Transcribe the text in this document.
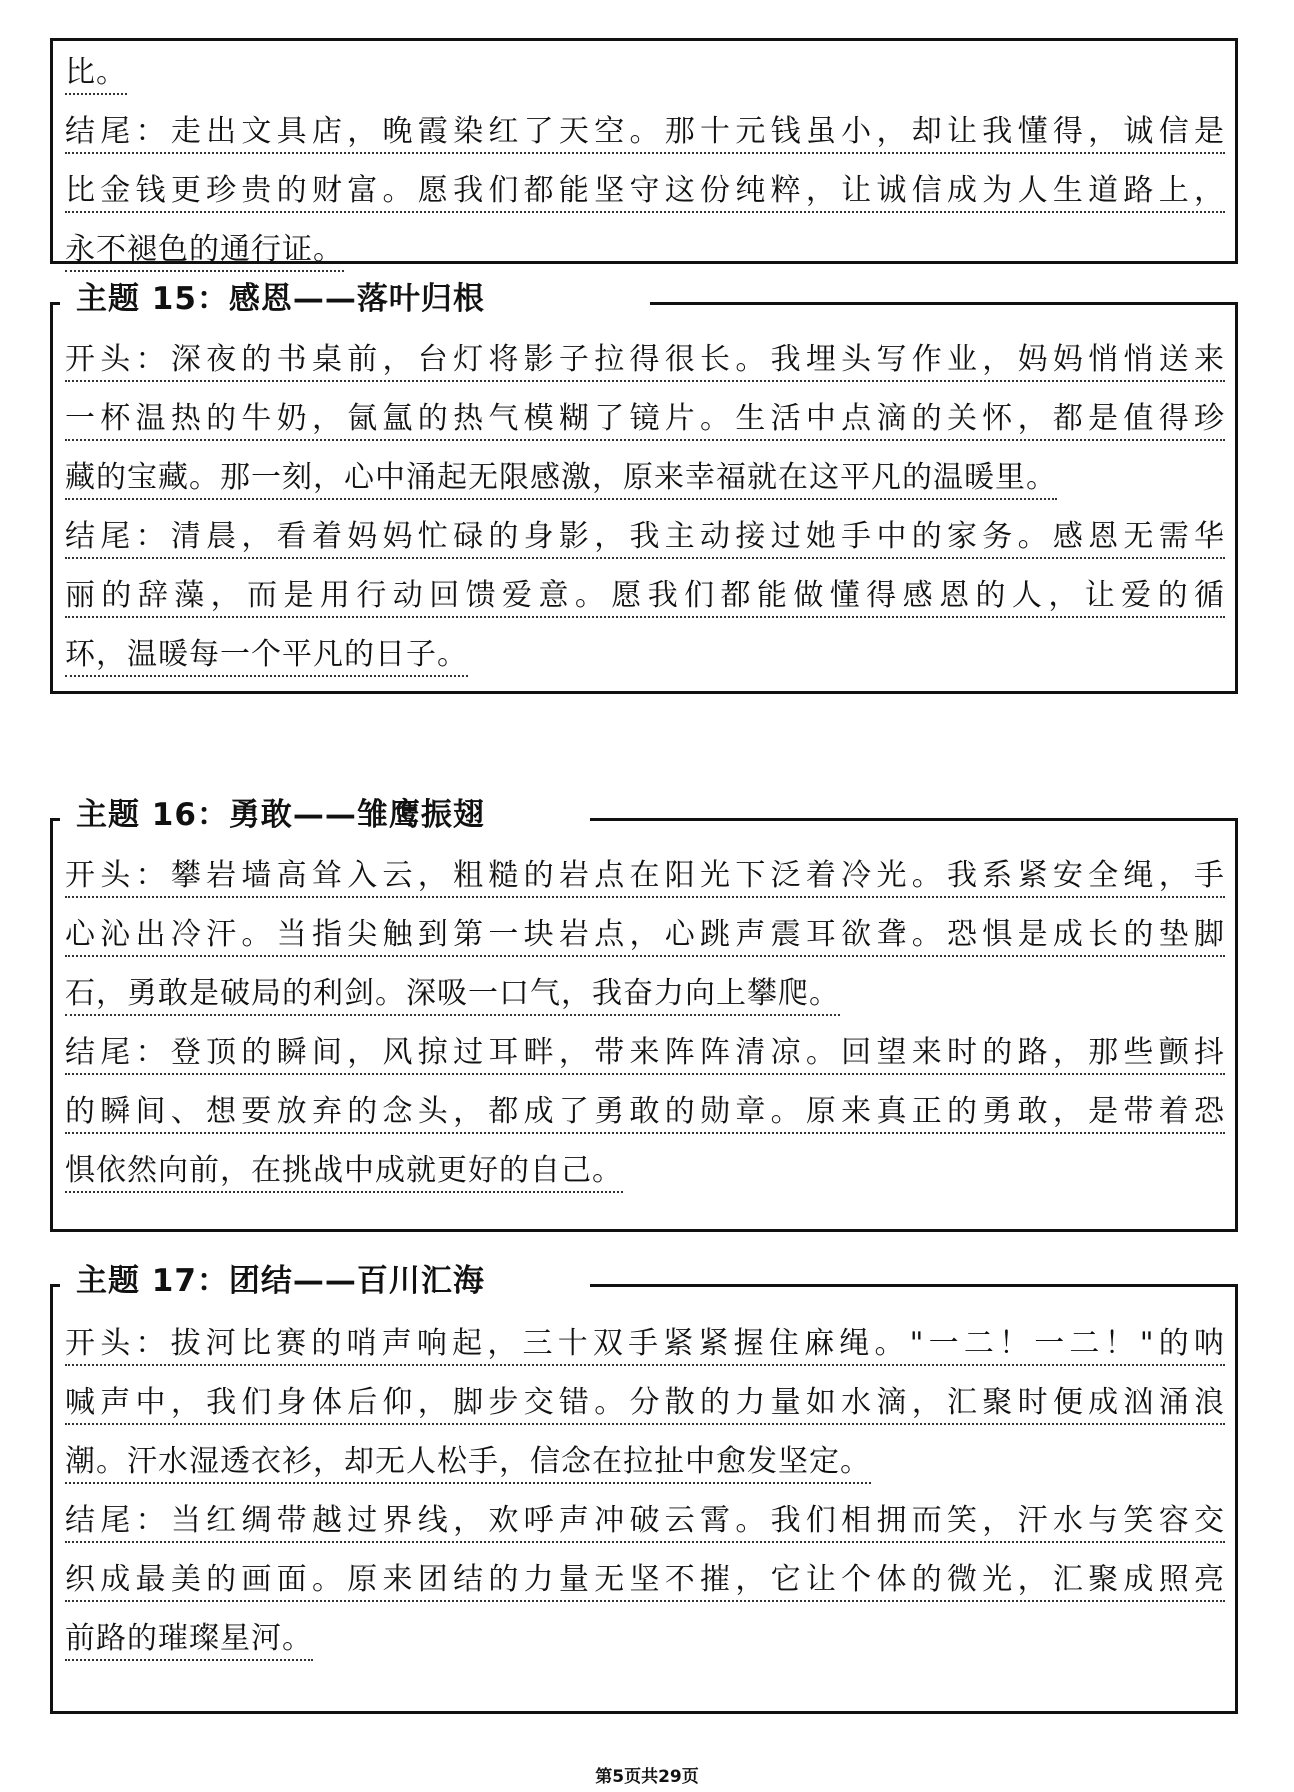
比。
结尾：走出文具店，晚霞染红了天空。那十元钱虽小，却让我懂得，诚信是
比金钱更珍贵的财富。愿我们都能坚守这份纯粹，让诚信成为人生道路上，
永不褪色的通行证。
主题 15：感恩——落叶归根
开头：深夜的书桌前，台灯将影子拉得很长。我埋头写作业，妈妈悄悄送来
一杯温热的牛奶，氤氲的热气模糊了镜片。生活中点滴的关怀，都是值得珍
藏的宝藏。那一刻，心中涌起无限感激，原来幸福就在这平凡的温暖里。
结尾：清晨，看着妈妈忙碌的身影，我主动接过她手中的家务。感恩无需华
丽的辞藻，而是用行动回馈爱意。愿我们都能做懂得感恩的人，让爱的循
环，温暖每一个平凡的日子。
主题 16：勇敢——雏鹰振翅
开头：攀岩墙高耸入云，粗糙的岩点在阳光下泛着冷光。我系紧安全绳，手
心沁出冷汗。当指尖触到第一块岩点，心跳声震耳欲聋。恐惧是成长的垫脚
石，勇敢是破局的利剑。深吸一口气，我奋力向上攀爬。
结尾：登顶的瞬间，风掠过耳畔，带来阵阵清凉。回望来时的路，那些颤抖
的瞬间、想要放弃的念头，都成了勇敢的勋章。原来真正的勇敢，是带着恐
惧依然向前，在挑战中成就更好的自己。
主题 17：团结——百川汇海
开头：拔河比赛的哨声响起，三十双手紧紧握住麻绳。"一二！一二！"的呐
喊声中，我们身体后仰，脚步交错。分散的力量如水滴，汇聚时便成汹涌浪
潮。汗水湿透衣衫，却无人松手，信念在拉扯中愈发坚定。
结尾：当红绸带越过界线，欢呼声冲破云霄。我们相拥而笑，汗水与笑容交
织成最美的画面。原来团结的力量无坚不摧，它让个体的微光，汇聚成照亮
前路的璀璨星河。
第5页共29页
